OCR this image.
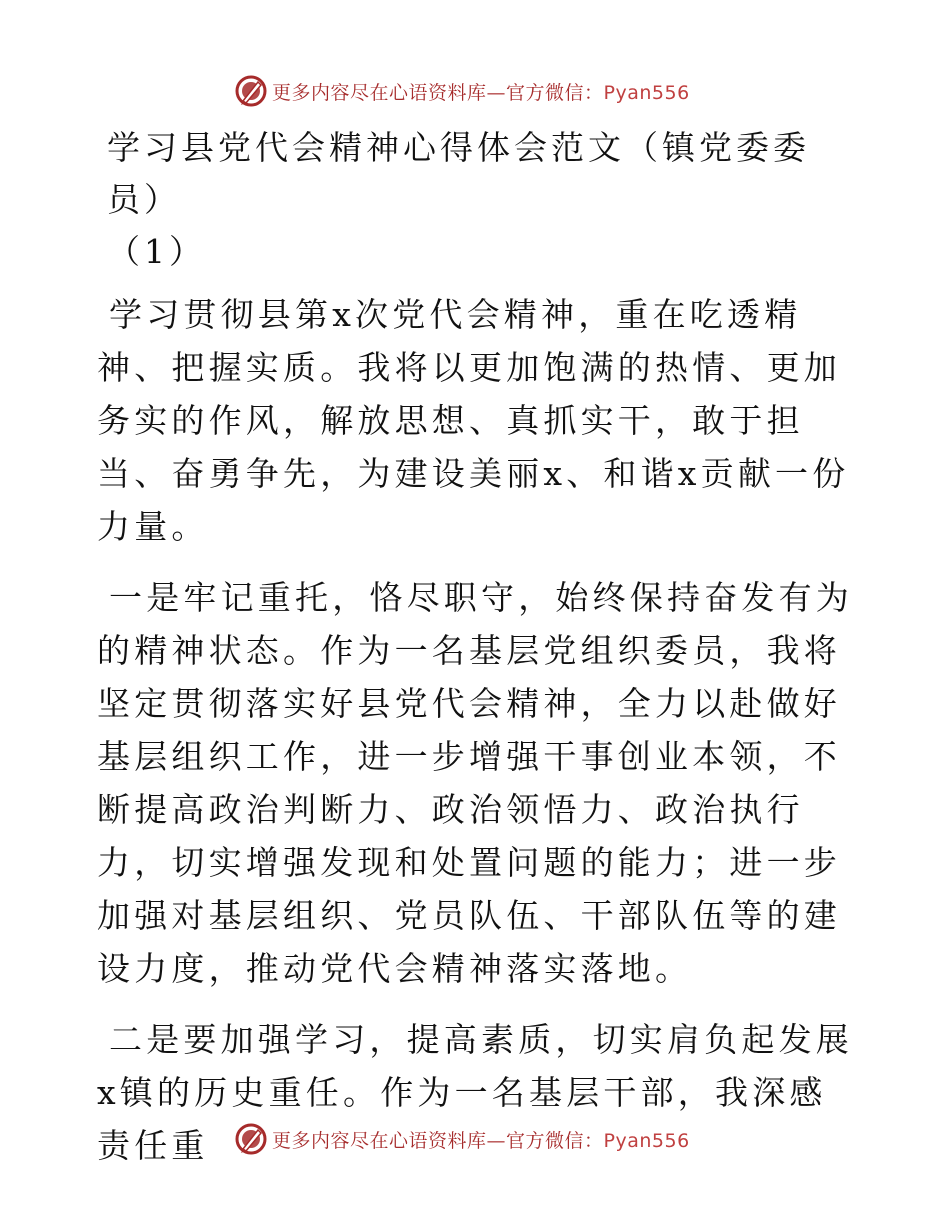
更多内容尽在心语资料库—官方微信：Pyan556
学习县党代会精神心得体会范文（镇党委委员）
（1）

学习贯彻县第x次党代会精神，重在吃透精神、把握实质。我将以更加饱满的热情、更加务实的作风，解放思想、真抓实干，敢于担当、奋勇争先，为建设美丽x、和谐x贡献一份力量。

一是牢记重托，恪尽职守，始终保持奋发有为的精神状态。作为一名基层党组织委员，我将坚定贯彻落实好县党代会精神，全力以赴做好基层组织工作，进一步增强干事创业本领，不断提高政治判断力、政治领悟力、政治执行力，切实增强发现和处置问题的能力；进一步加强对基层组织、党员队伍、干部队伍等的建设力度，推动党代会精神落实落地。

二是要加强学习，提高素质，切实肩负起发展x镇的历史重任。作为一名基层干部，我深感责任重	更多内容尽在心语资料库—官方微信：Pyan556
